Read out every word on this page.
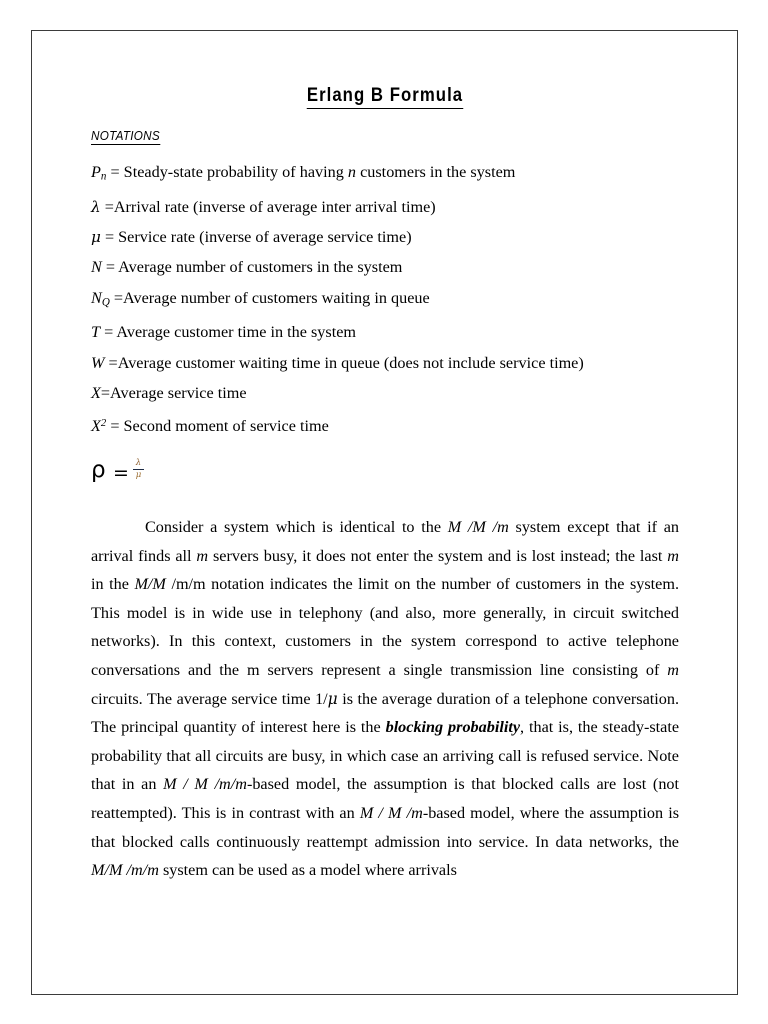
Erlang B Formula
NOTATIONS
$P_n$ = Steady-state probability of having n customers in the system
λ =Arrival rate (inverse of average inter arrival time)
μ = Service rate (inverse of average service time)
N = Average number of customers in the system
$N_Q$ =Average number of customers waiting in queue
T = Average customer time in the system
W =Average customer waiting time in queue (does not include service time)
X=Average service time
$X^2$ = Second moment of service time
ρ = λ
μ

Consider a system which is identical to the M /M /m system except that if an arrival finds all m servers busy, it does not enter the system and is lost instead; the last m in the M/M /m/m notation indicates the limit on the number of customers in the system. This model is in wide use in telephony (and also, more generally, in circuit switched networks). In this context, customers in the system correspond to active telephone conversations and the m servers represent a single transmission line consisting of m circuits. The average service time 1/μ is the average duration of a telephone conversation. The principal quantity of interest here is the blocking probability, that is, the steady-state probability that all circuits are busy, in which case an arriving call is refused service. Note that in an M / M /m/m-based model, the assumption is that blocked calls are lost (not reattempted). This is in contrast with an M / M /m-based model, where the assumption is that blocked calls continuously reattempt admission into service. In data networks, the M/M /m/m system can be used as a model where arrivals
